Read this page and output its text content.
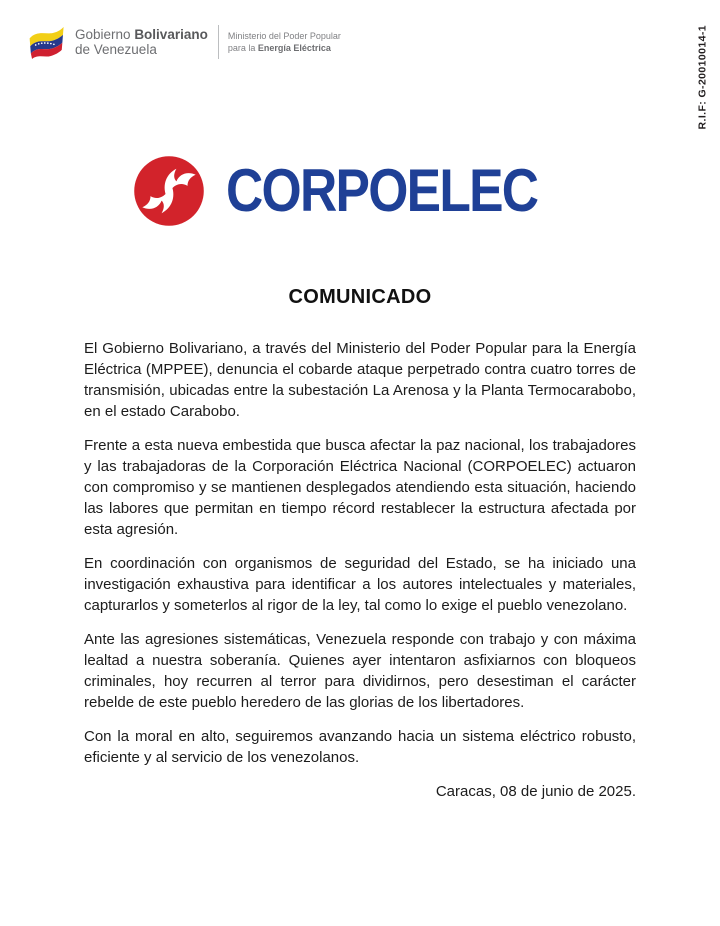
Gobierno Bolivariano
de Venezuela
Ministerio del Poder Popular
para la Energía Eléctrica	R.I.F: G-20010014-1
CORPOELEC
COMUNICADO

El Gobierno Bolivariano, a través del Ministerio del Poder Popular para la Energía Eléctrica (MPPEE), denuncia el cobarde ataque perpetrado contra cuatro torres de transmisión, ubicadas entre la subestación La Arenosa y la Planta Termocarabobo, en el estado Carabobo.

Frente a esta nueva embestida que busca afectar la paz nacional, los trabajadores y las trabajadoras de la Corporación Eléctrica Nacional (CORPOELEC) actuaron con compromiso y se mantienen desplegados atendiendo esta situación, haciendo las labores que permitan en tiempo récord restablecer la estructura afectada por esta agresión.

En coordinación con organismos de seguridad del Estado, se ha iniciado una investigación exhaustiva para identificar a los autores intelectuales y materiales, capturarlos y someterlos al rigor de la ley, tal como lo exige el pueblo venezolano.

Ante las agresiones sistemáticas, Venezuela responde con trabajo y con máxima lealtad a nuestra soberanía. Quienes ayer intentaron asfixiarnos con bloqueos criminales, hoy recurren al terror para dividirnos, pero desestiman el carácter rebelde de este pueblo heredero de las glorias de los libertadores.

Con la moral en alto, seguiremos avanzando hacia un sistema eléctrico robusto, eficiente y al servicio de los venezolanos.

Caracas, 08 de junio de 2025.
